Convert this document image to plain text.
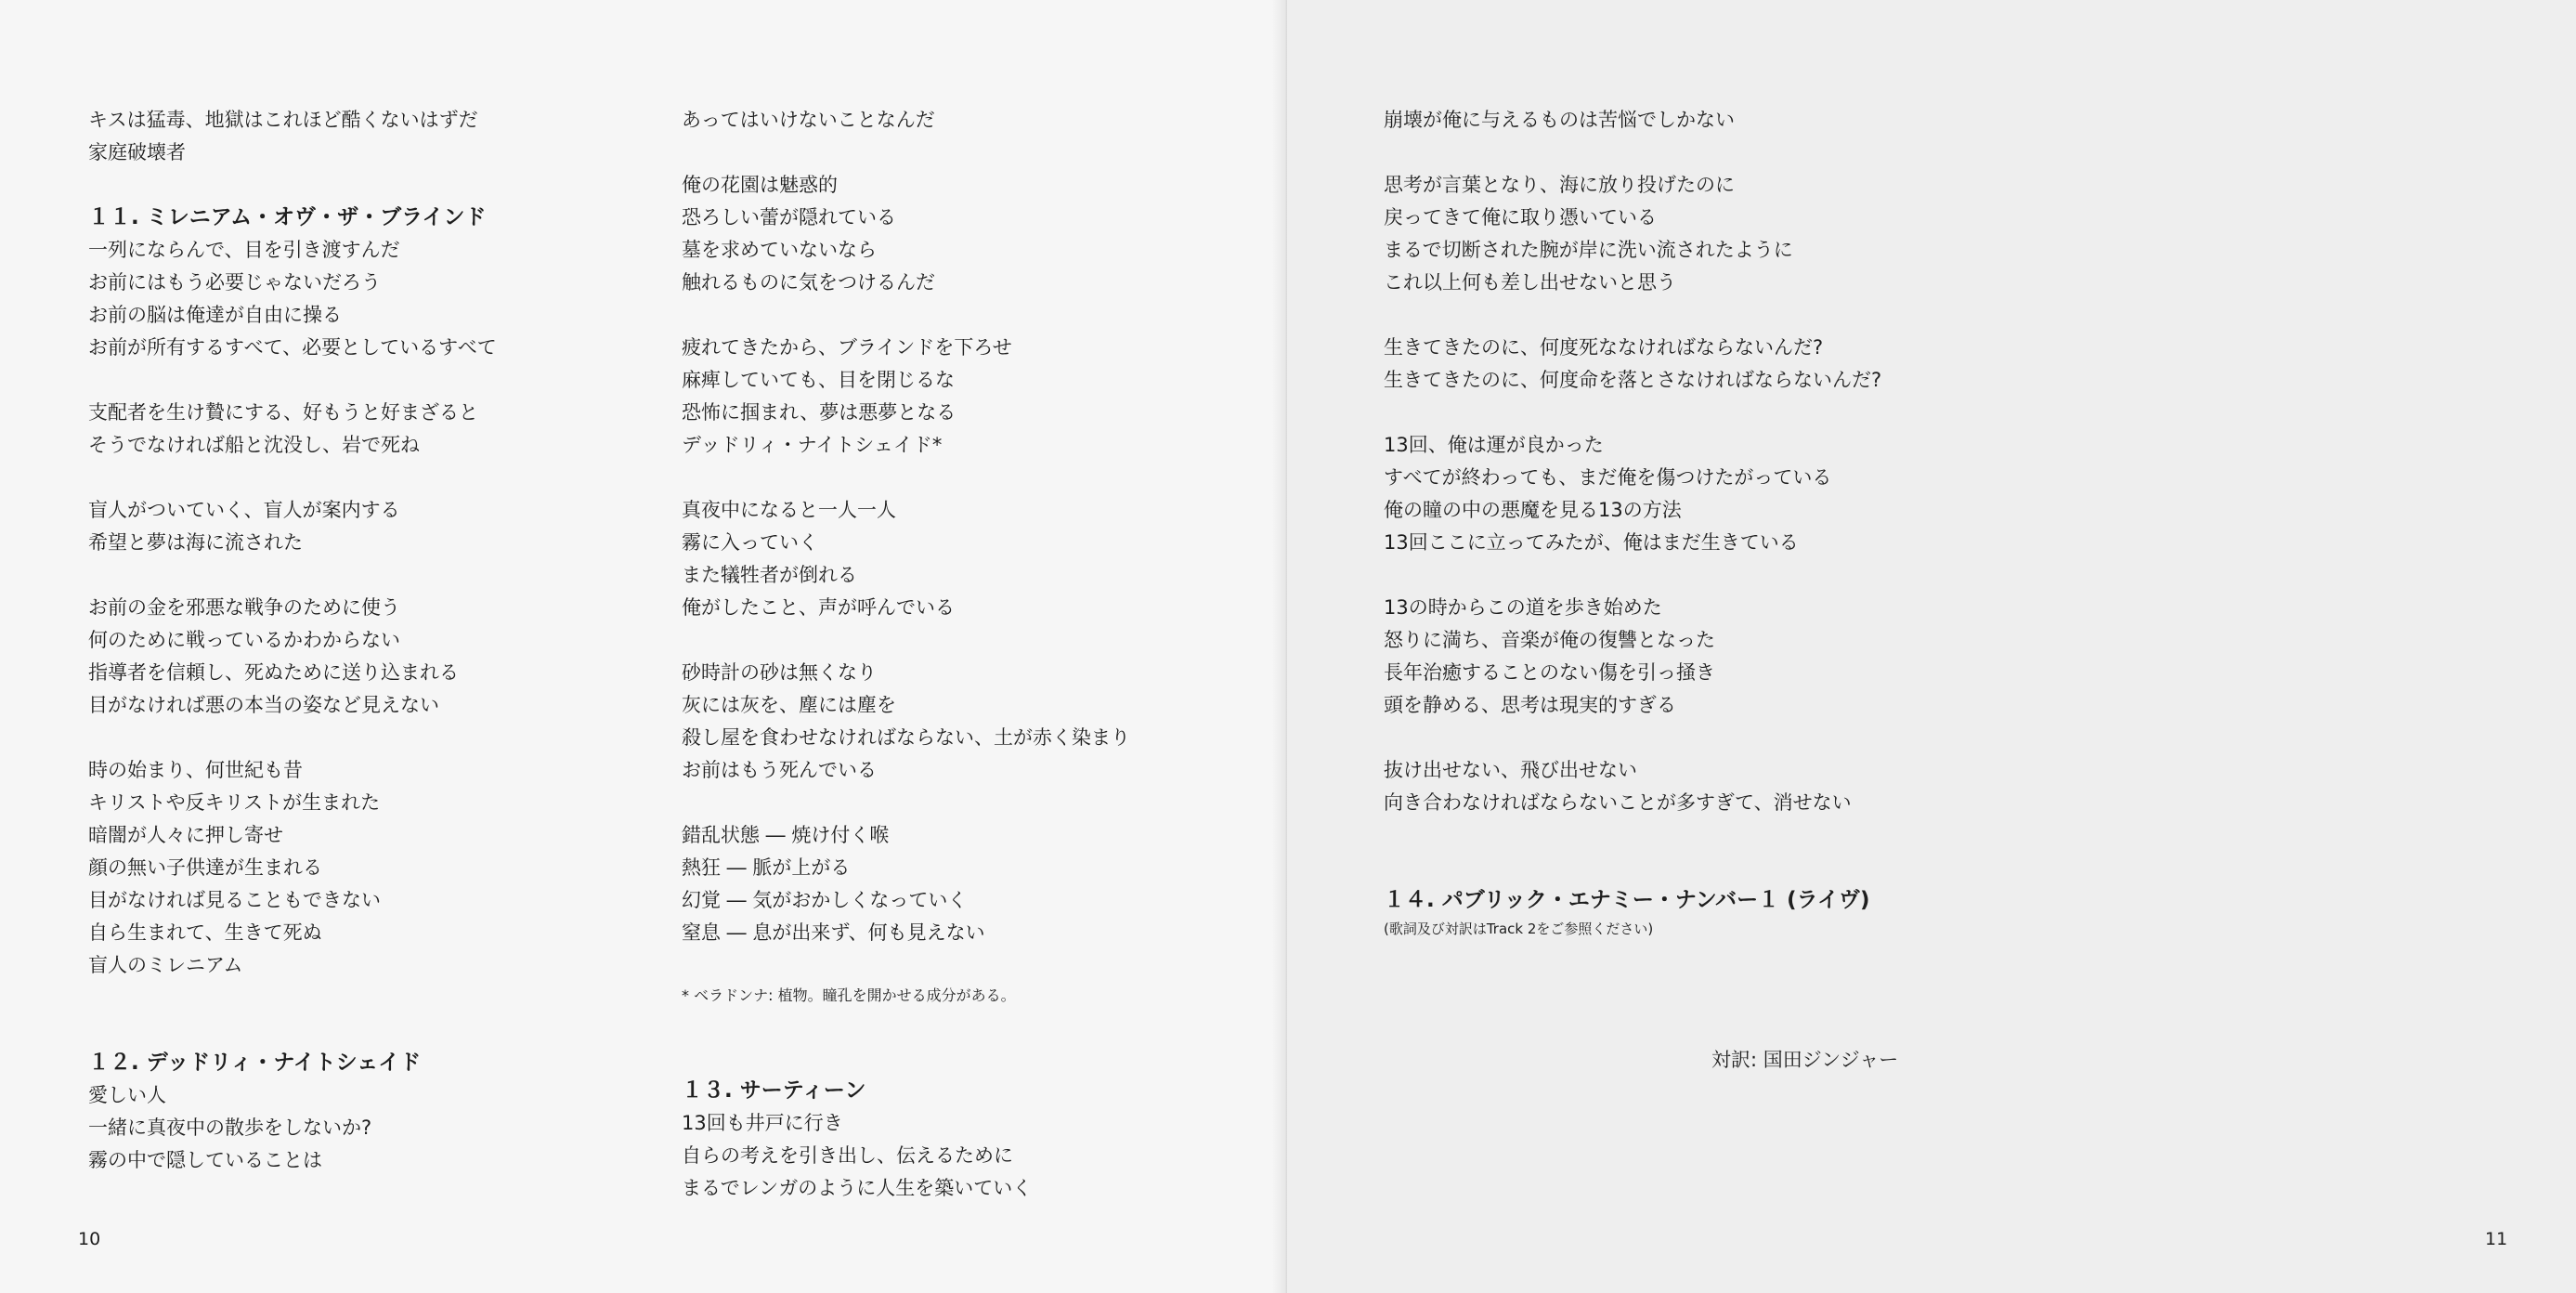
キスは猛毒、地獄はこれほど酷くないはずだ
家庭破壊者
１１. ミレニアム・オヴ・ザ・ブラインド
一列にならんで、目を引き渡すんだ
お前にはもう必要じゃないだろう
お前の脳は俺達が自由に操る
お前が所有するすべて、必要としているすべて
支配者を生け贄にする、好もうと好まざると
そうでなければ船と沈没し、岩で死ね
盲人がついていく、盲人が案内する
希望と夢は海に流された
お前の金を邪悪な戦争のために使う
何のために戦っているかわからない
指導者を信頼し、死ぬために送り込まれる
目がなければ悪の本当の姿など見えない
時の始まり、何世紀も昔
キリストや反キリストが生まれた
暗闇が人々に押し寄せ
顔の無い子供達が生まれる
目がなければ見ることもできない
自ら生まれて、生きて死ぬ
盲人のミレニアム
１２. デッドリィ・ナイトシェイド
愛しい人
一緒に真夜中の散歩をしないか?
霧の中で隠していることは
あってはいけないことなんだ
俺の花園は魅惑的
恐ろしい蕾が隠れている
墓を求めていないなら
触れるものに気をつけるんだ
疲れてきたから、ブラインドを下ろせ
麻痺していても、目を閉じるな
恐怖に掴まれ、夢は悪夢となる
デッドリィ・ナイトシェイド*
真夜中になると一人一人
霧に入っていく
また犠牲者が倒れる
俺がしたこと、声が呼んでいる
砂時計の砂は無くなり
灰には灰を、塵には塵を
殺し屋を食わせなければならない、土が赤く染まり
お前はもう死んでいる
錯乱状態 ― 焼け付く喉
熱狂 ― 脈が上がる
幻覚 ― 気がおかしくなっていく
窒息 ― 息が出来ず、何も見えない
* ベラドンナ: 植物。瞳孔を開かせる成分がある。
１３. サーティーン
13回も井戸に行き
自らの考えを引き出し、伝えるために
まるでレンガのように人生を築いていく
10
崩壊が俺に与えるものは苦悩でしかない
思考が言葉となり、海に放り投げたのに
戻ってきて俺に取り憑いている
まるで切断された腕が岸に洗い流されたように
これ以上何も差し出せないと思う
生きてきたのに、何度死ななければならないんだ?
生きてきたのに、何度命を落とさなければならないんだ?
13回、俺は運が良かった
すべてが終わっても、まだ俺を傷つけたがっている
俺の瞳の中の悪魔を見る13の方法
13回ここに立ってみたが、俺はまだ生きている
13の時からこの道を歩き始めた
怒りに満ち、音楽が俺の復讐となった
長年治癒することのない傷を引っ掻き
頭を静める、思考は現実的すぎる
抜け出せない、飛び出せない
向き合わなければならないことが多すぎて、消せない
１４. パブリック・エナミー・ナンバー１ (ライヴ)
(歌詞及び対訳はTrack 2をご参照ください)
対訳: 国田ジンジャー
11
